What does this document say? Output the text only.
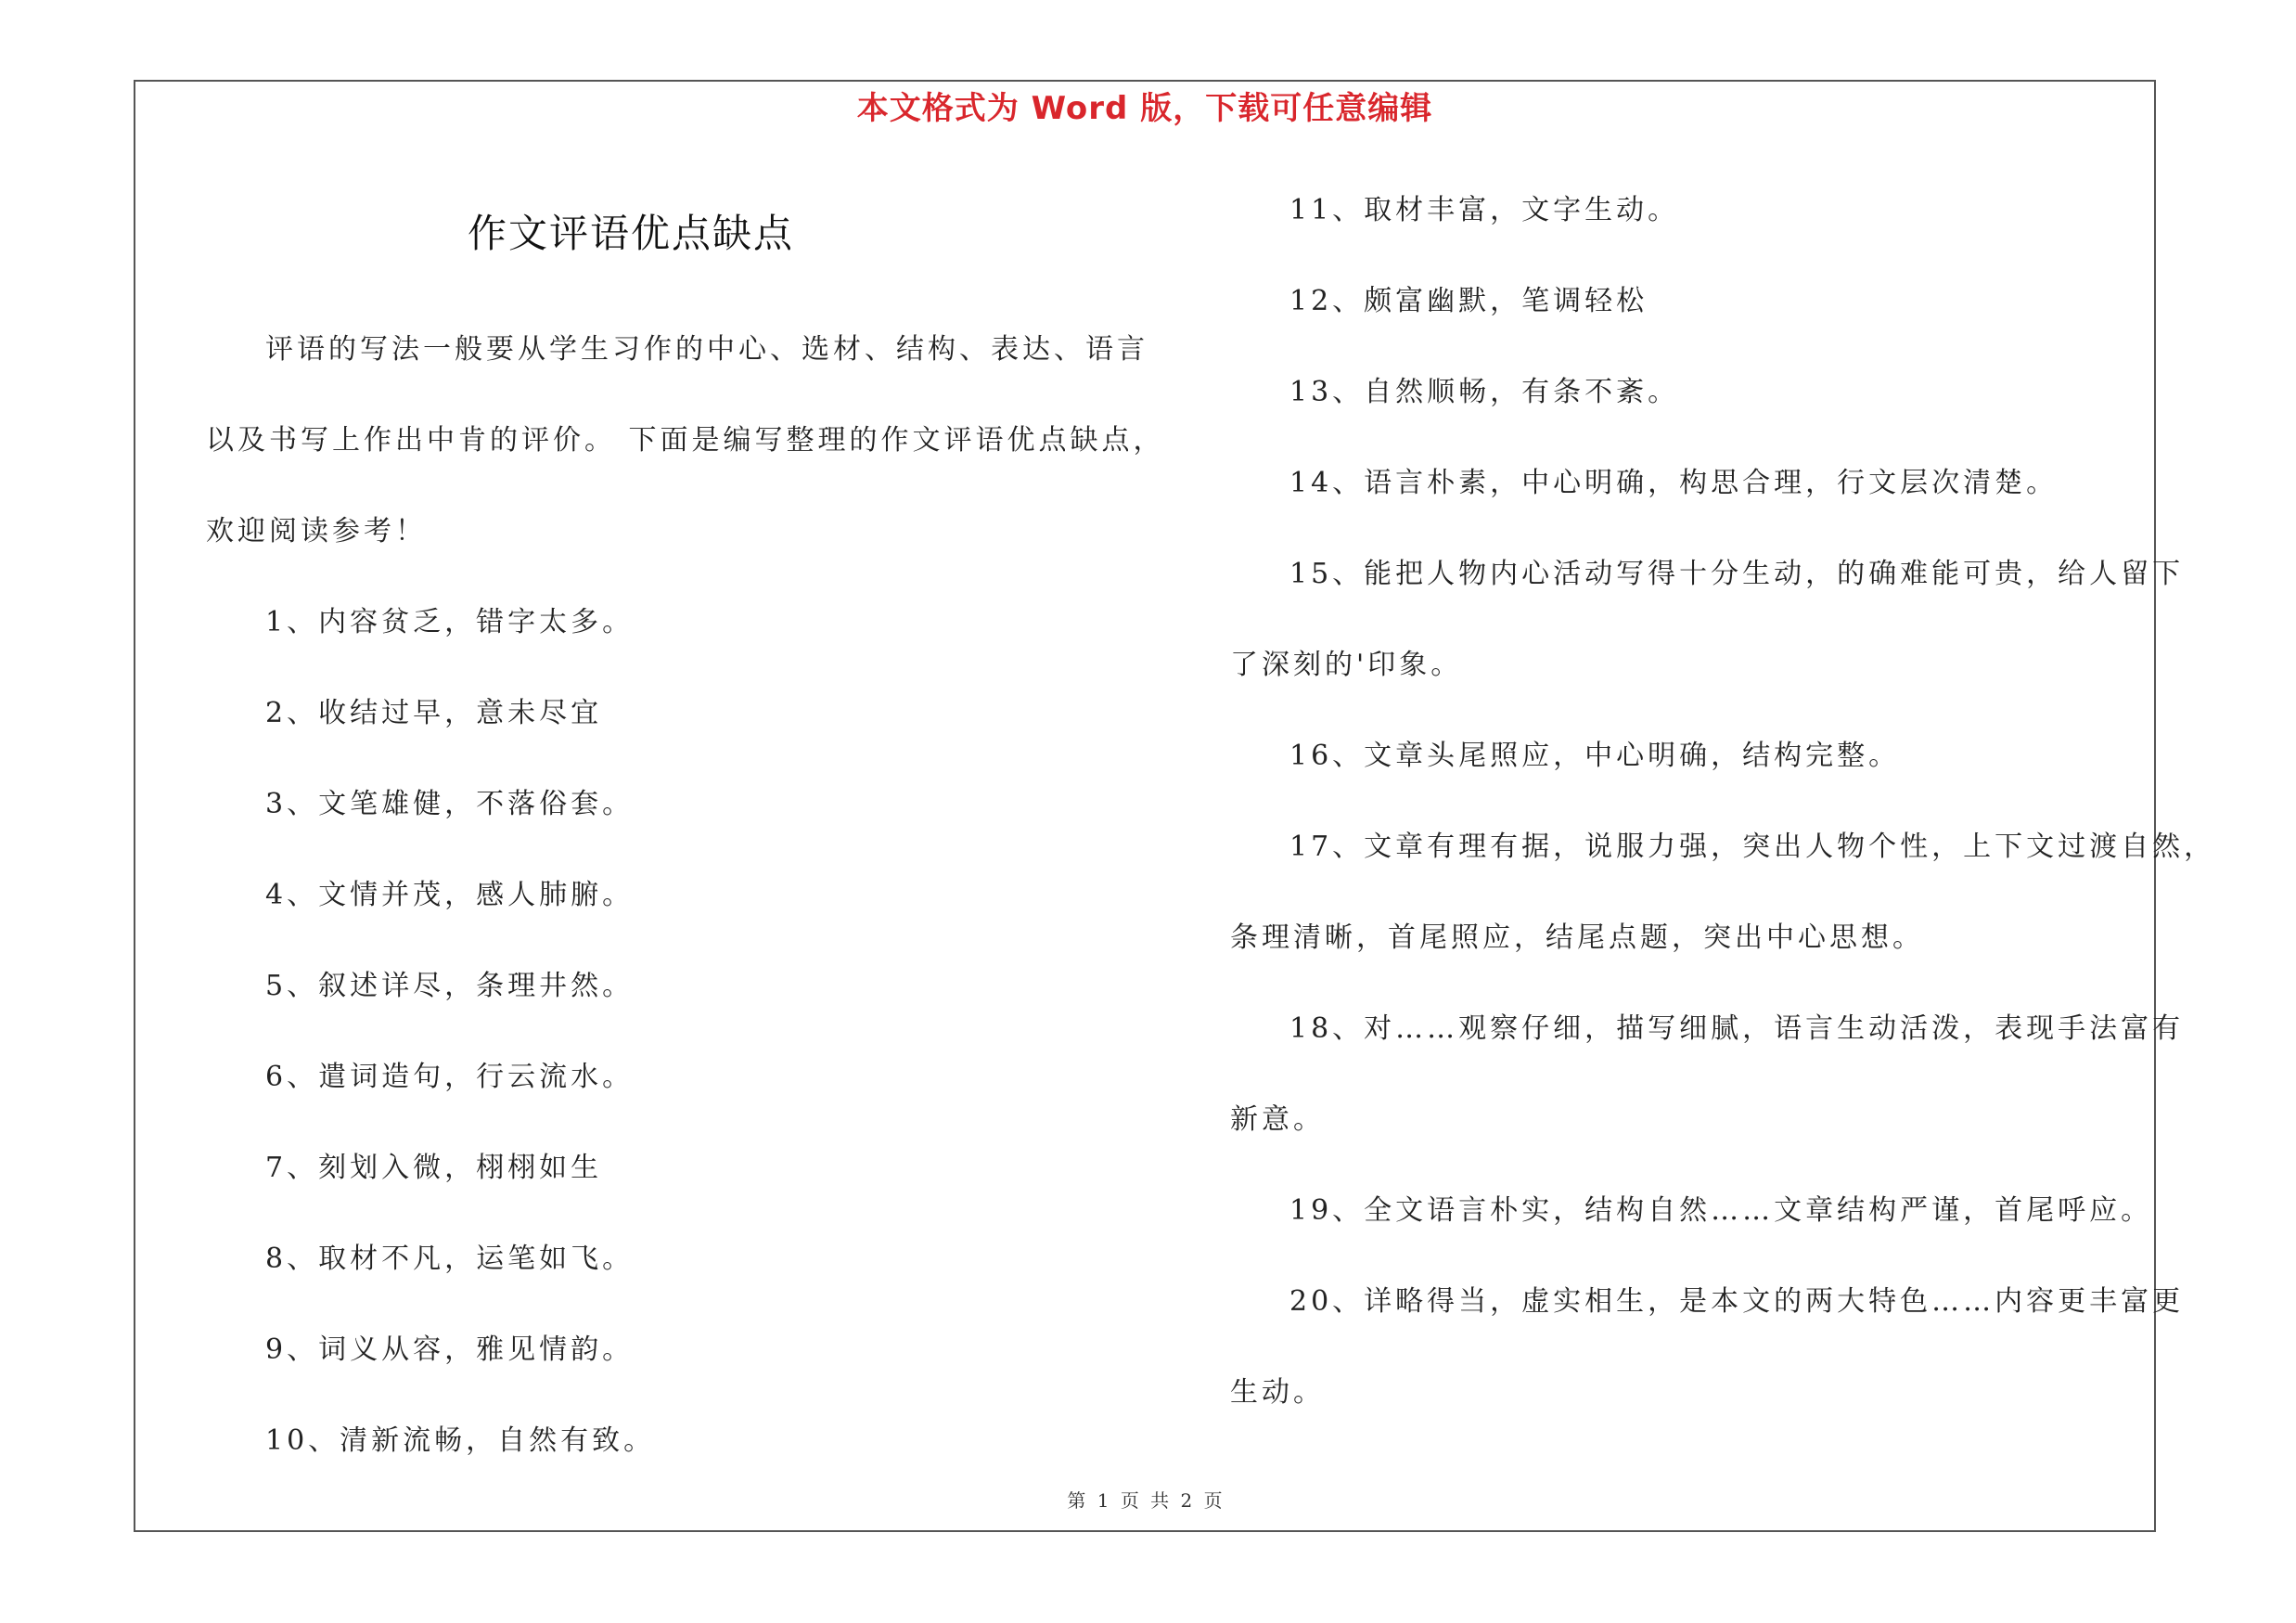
本文格式为 Word 版，下载可任意编辑
作文评语优点缺点
评语的写法一般要从学生习作的中心、选材、结构、表达、语言
以及书写上作出中肯的评价。 下面是编写整理的作文评语优点缺点，
欢迎阅读参考！
1、内容贫乏，错字太多。
2、收结过早，意未尽宜
3、文笔雄健，不落俗套。
4、文情并茂，感人肺腑。
5、叙述详尽，条理井然。
6、遣词造句，行云流水。
7、刻划入微，栩栩如生
8、取材不凡，运笔如飞。
9、词义从容，雅见情韵。
10、清新流畅，自然有致。
11、取材丰富，文字生动。
12、颇富幽默，笔调轻松
13、自然顺畅，有条不紊。
14、语言朴素，中心明确，构思合理，行文层次清楚。
15、能把人物内心活动写得十分生动，的确难能可贵，给人留下
了深刻的'印象。
16、文章头尾照应，中心明确，结构完整。
17、文章有理有据，说服力强，突出人物个性，上下文过渡自然，
条理清晰，首尾照应，结尾点题，突出中心思想。
18、对……观察仔细，描写细腻，语言生动活泼，表现手法富有
新意。
19、全文语言朴实，结构自然……文章结构严谨，首尾呼应。
20、详略得当，虚实相生，是本文的两大特色……内容更丰富更
生动。
第 1 页 共 2 页
